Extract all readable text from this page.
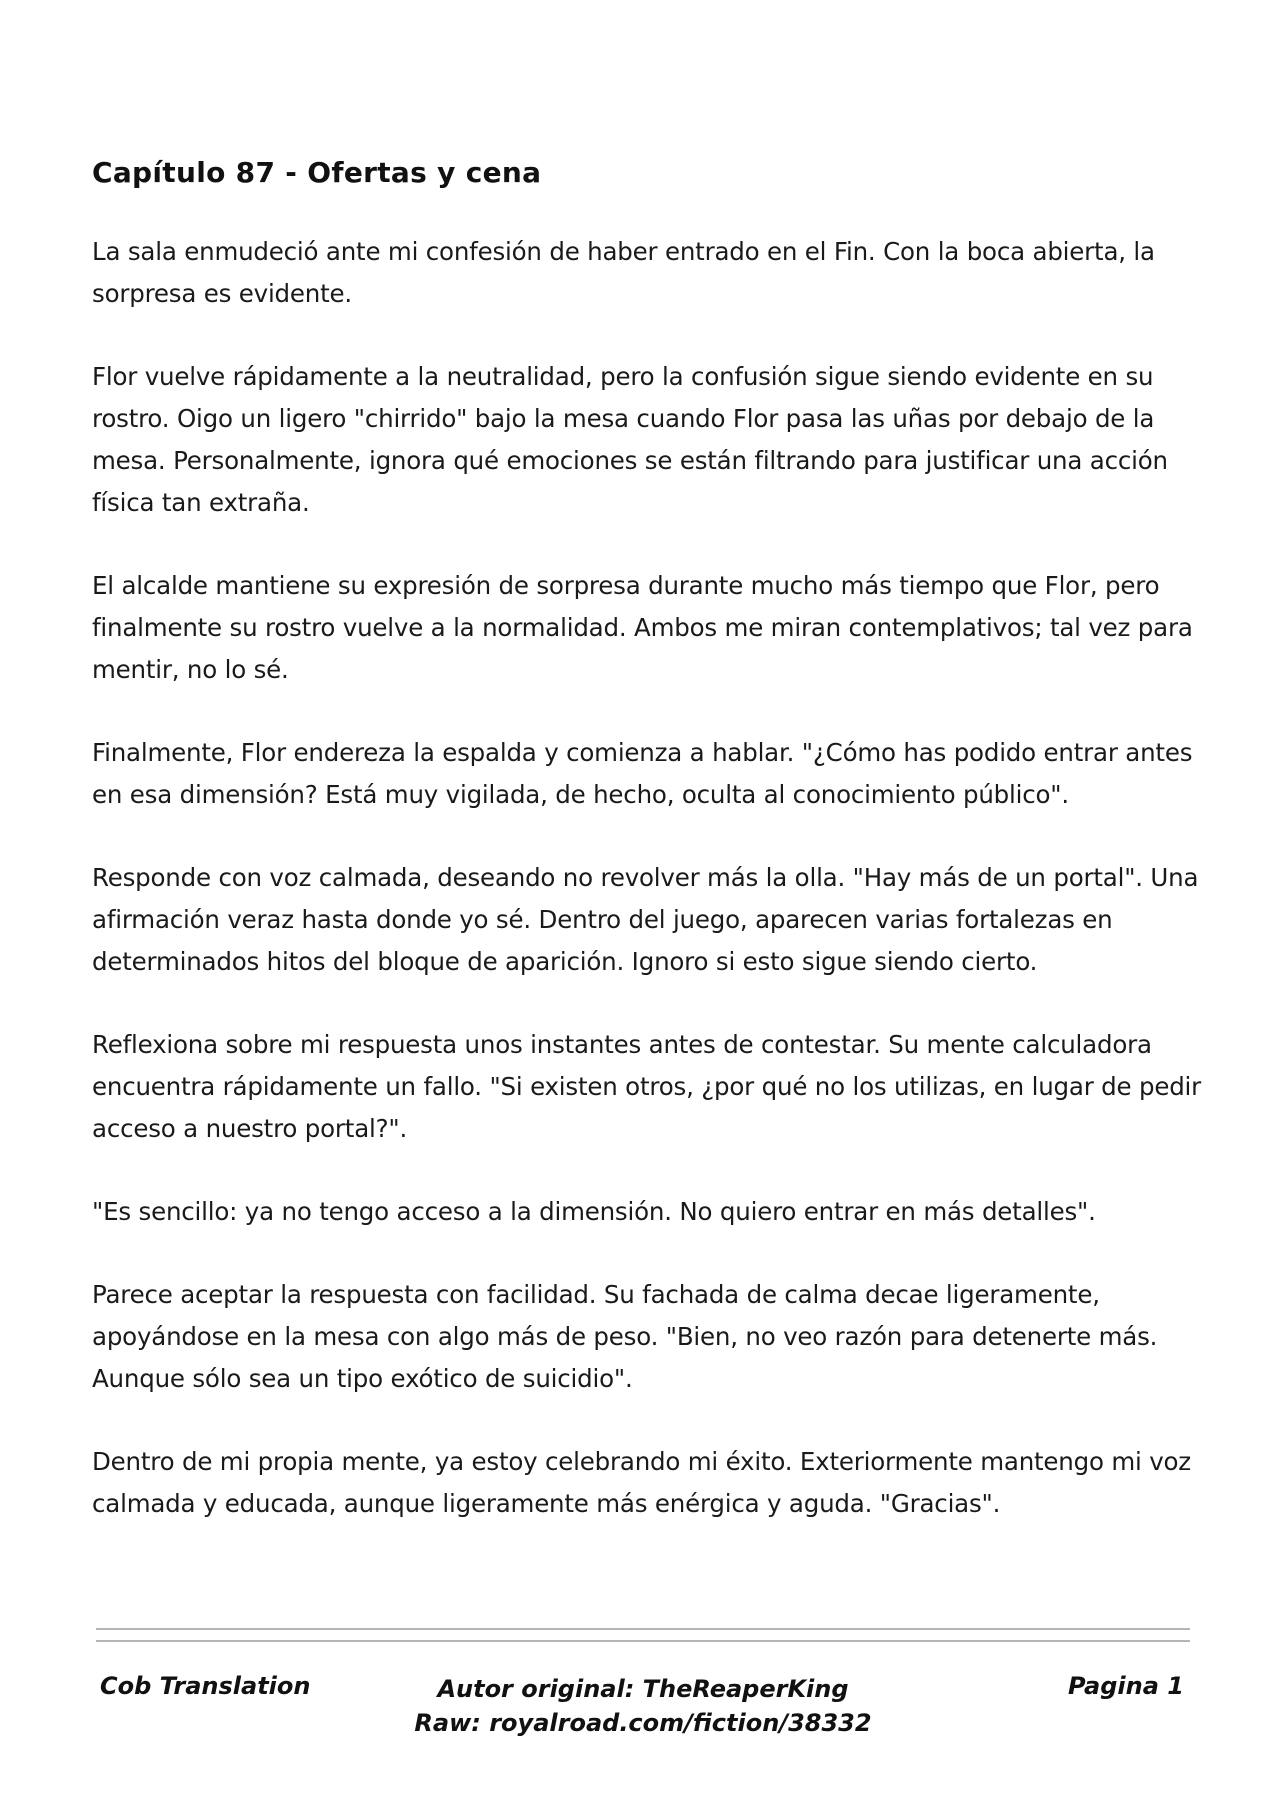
Capítulo 87 - Ofertas y cena

La sala enmudeció ante mi confesión de haber entrado en el Fin. Con la boca abierta, la sorpresa es evidente.

Flor vuelve rápidamente a la neutralidad, pero la confusión sigue siendo evidente en su rostro. Oigo un ligero "chirrido" bajo la mesa cuando Flor pasa las uñas por debajo de la mesa. Personalmente, ignora qué emociones se están filtrando para justificar una acción física tan extraña.

El alcalde mantiene su expresión de sorpresa durante mucho más tiempo que Flor, pero finalmente su rostro vuelve a la normalidad. Ambos me miran contemplativos; tal vez para mentir, no lo sé.

Finalmente, Flor endereza la espalda y comienza a hablar. "¿Cómo has podido entrar antes en esa dimensión? Está muy vigilada, de hecho, oculta al conocimiento público".

Responde con voz calmada, deseando no revolver más la olla. "Hay más de un portal". Una afirmación veraz hasta donde yo sé. Dentro del juego, aparecen varias fortalezas en determinados hitos del bloque de aparición. Ignoro si esto sigue siendo cierto.

Reflexiona sobre mi respuesta unos instantes antes de contestar. Su mente calculadora encuentra rápidamente un fallo. "Si existen otros, ¿por qué no los utilizas, en lugar de pedir acceso a nuestro portal?".

"Es sencillo: ya no tengo acceso a la dimensión. No quiero entrar en más detalles".

Parece aceptar la respuesta con facilidad. Su fachada de calma decae ligeramente, apoyándose en la mesa con algo más de peso. "Bien, no veo razón para detenerte más. Aunque sólo sea un tipo exótico de suicidio".

Dentro de mi propia mente, ya estoy celebrando mi éxito. Exteriormente mantengo mi voz calmada y educada, aunque ligeramente más enérgica y aguda. "Gracias".

Cob Translation	Autor original: TheReaperKing
Raw: royalroad.com/fiction/38332
Pagina 1
